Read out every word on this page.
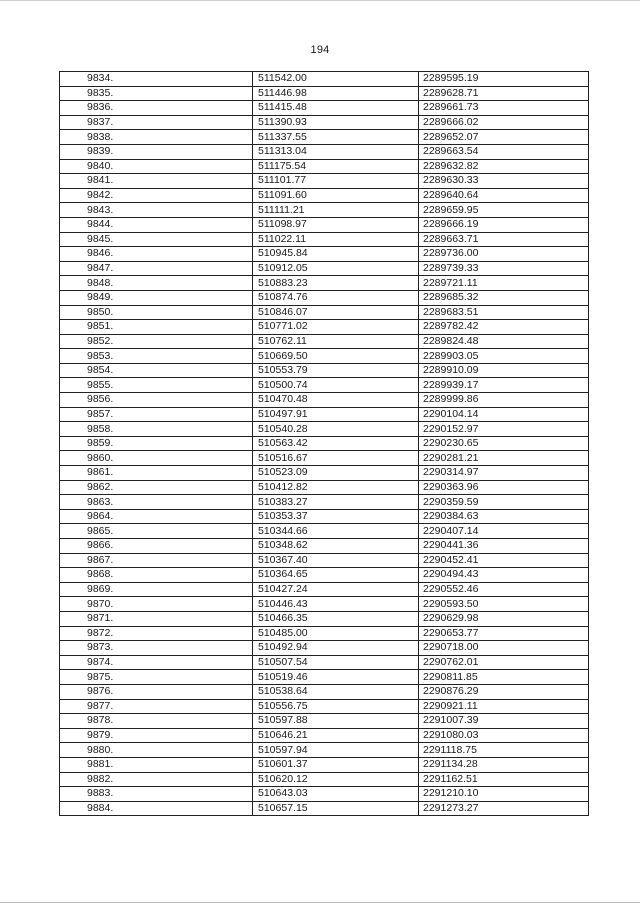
194
9834.	511542.00	2289595.19
9835.	511446.98	2289628.71
9836.	511415.48	2289661.73
9837.	511390.93	2289666.02
9838.	511337.55	2289652.07
9839.	511313.04	2289663.54
9840.	511175.54	2289632.82
9841.	511101.77	2289630.33
9842.	511091.60	2289640.64
9843.	511111.21	2289659.95
9844.	511098.97	2289666.19
9845.	511022.11	2289663.71
9846.	510945.84	2289736.00
9847.	510912.05	2289739.33
9848.	510883.23	2289721.11
9849.	510874.76	2289685.32
9850.	510846.07	2289683.51
9851.	510771.02	2289782.42
9852.	510762.11	2289824.48
9853.	510669.50	2289903.05
9854.	510553.79	2289910.09
9855.	510500.74	2289939.17
9856.	510470.48	2289999.86
9857.	510497.91	2290104.14
9858.	510540.28	2290152.97
9859.	510563.42	2290230.65
9860.	510516.67	2290281.21
9861.	510523.09	2290314.97
9862.	510412.82	2290363.96
9863.	510383.27	2290359.59
9864.	510353.37	2290384.63
9865.	510344.66	2290407.14
9866.	510348.62	2290441.36
9867.	510367.40	2290452.41
9868.	510364.65	2290494.43
9869.	510427.24	2290552.46
9870.	510446.43	2290593.50
9871.	510466.35	2290629.98
9872.	510485.00	2290653.77
9873.	510492.94	2290718.00
9874.	510507.54	2290762.01
9875.	510519.46	2290811.85
9876.	510538.64	2290876.29
9877.	510556.75	2290921.11
9878.	510597.88	2291007.39
9879.	510646.21	2291080.03
9880.	510597.94	2291118.75
9881.	510601.37	2291134.28
9882.	510620.12	2291162.51
9883.	510643.03	2291210.10
9884.	510657.15	2291273.27
